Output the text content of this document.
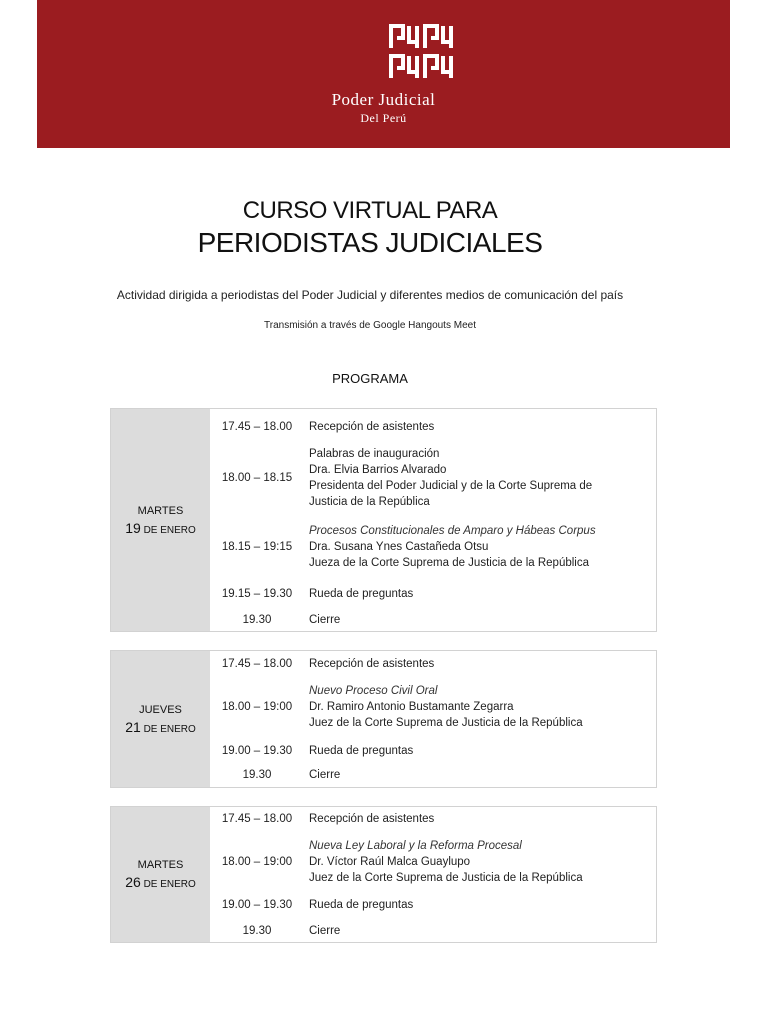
Poder Judicial
Del Perú
CURSO VIRTUAL PARA
PERIODISTAS JUDICIALES
Actividad dirigida a periodistas del Poder Judicial y diferentes medios de comunicación del país
Transmisión a través de Google Hangouts Meet
PROGRAMA
MARTES
19 DE ENERO
17.45 – 18.00	Recepción de asistentes
18.00 – 18.15
Palabras de inauguración
Dra. Elvia Barrios Alvarado
Presidenta del Poder Judicial y de la Corte Suprema de
Justicia de la República
18.15 – 19:15
Procesos Constitucionales de Amparo y Hábeas Corpus
Dra. Susana Ynes Castañeda Otsu
Jueza de la Corte Suprema de Justicia de la República
19.15 – 19.30	Rueda de preguntas
19.30	Cierre
JUEVES
21 DE ENERO
17.45 – 18.00	Recepción de asistentes
18.00 – 19:00
Nuevo Proceso Civil Oral
Dr. Ramiro Antonio Bustamante Zegarra
Juez de la Corte Suprema de Justicia de la República
19.00 – 19.30	Rueda de preguntas
19.30	Cierre
MARTES
26 DE ENERO
17.45 – 18.00	Recepción de asistentes
18.00 – 19:00
Nueva Ley Laboral y la Reforma Procesal
Dr. Víctor Raúl Malca Guaylupo
Juez de la Corte Suprema de Justicia de la República
19.00 – 19.30	Rueda de preguntas
19.30	Cierre
